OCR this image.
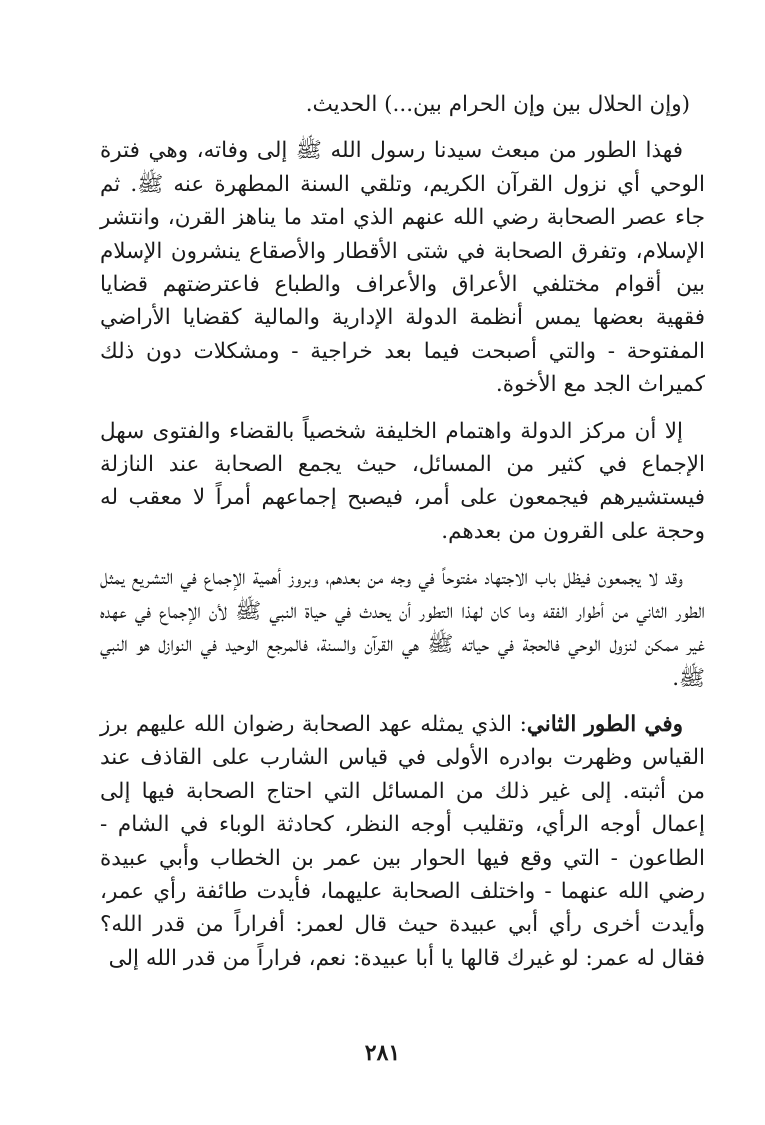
(وإن الحلال بين وإن الحرام بين...) الحديث.

فهذا الطور من مبعث سيدنا رسول الله ﷺ إلى وفاته، وهي فترة الوحي أي نزول القرآن الكريم، وتلقي السنة المطهرة عنه ﷺ. ثم جاء عصر الصحابة رضي الله عنهم الذي امتد ما يناهز القرن، وانتشر الإسلام، وتفرق الصحابة في شتى الأقطار والأصقاع ينشرون الإسلام بين أقوام مختلفي الأعراق والأعراف والطباع فاعترضتهم قضايا فقهية بعضها يمس أنظمة الدولة الإدارية والمالية كقضايا الأراضي المفتوحة - والتي أصبحت فيما بعد خراجية - ومشكلات دون ذلك كميراث الجد مع الأخوة.

إلا أن مركز الدولة واهتمام الخليفة شخصياً بالقضاء والفتوى سهل الإجماع في كثير من المسائل، حيث يجمع الصحابة عند النازلة فيستشيرهم فيجمعون على أمر، فيصبح إجماعهم أمراً لا معقب له وحجة على القرون من بعدهم.

وقد لا يجمعون فيظل باب الاجتهاد مفتوحاً في وجه من بعدهم، وبروز أهمية الإجماع في التشريع يمثل الطور الثاني من أطوار الفقه وما كان لهذا التطور أن يحدث في حياة النبي ﷺ لأن الإجماع في عهده غير ممكن لنزول الوحي فالحجة في حياته ﷺ هي القرآن والسنة، فالمرجع الوحيد في النوازل هو النبي ﷺ.

وفي الطور الثاني: الذي يمثله عهد الصحابة رضوان الله عليهم برز القياس وظهرت بوادره الأولى في قياس الشارب على القاذف عند من أثبته. إلى غير ذلك من المسائل التي احتاج الصحابة فيها إلى إعمال أوجه الرأي، وتقليب أوجه النظر، كحادثة الوباء في الشام - الطاعون - التي وقع فيها الحوار بين عمر بن الخطاب وأبي عبيدة رضي الله عنهما - واختلف الصحابة عليهما، فأيدت طائفة رأي عمر، وأيدت أخرى رأي أبي عبيدة حيث قال لعمر: أفراراً من قدر الله؟ فقال له عمر: لو غيرك قالها يا أبا عبيدة: نعم، فراراً من قدر الله إلى

٢٨١
